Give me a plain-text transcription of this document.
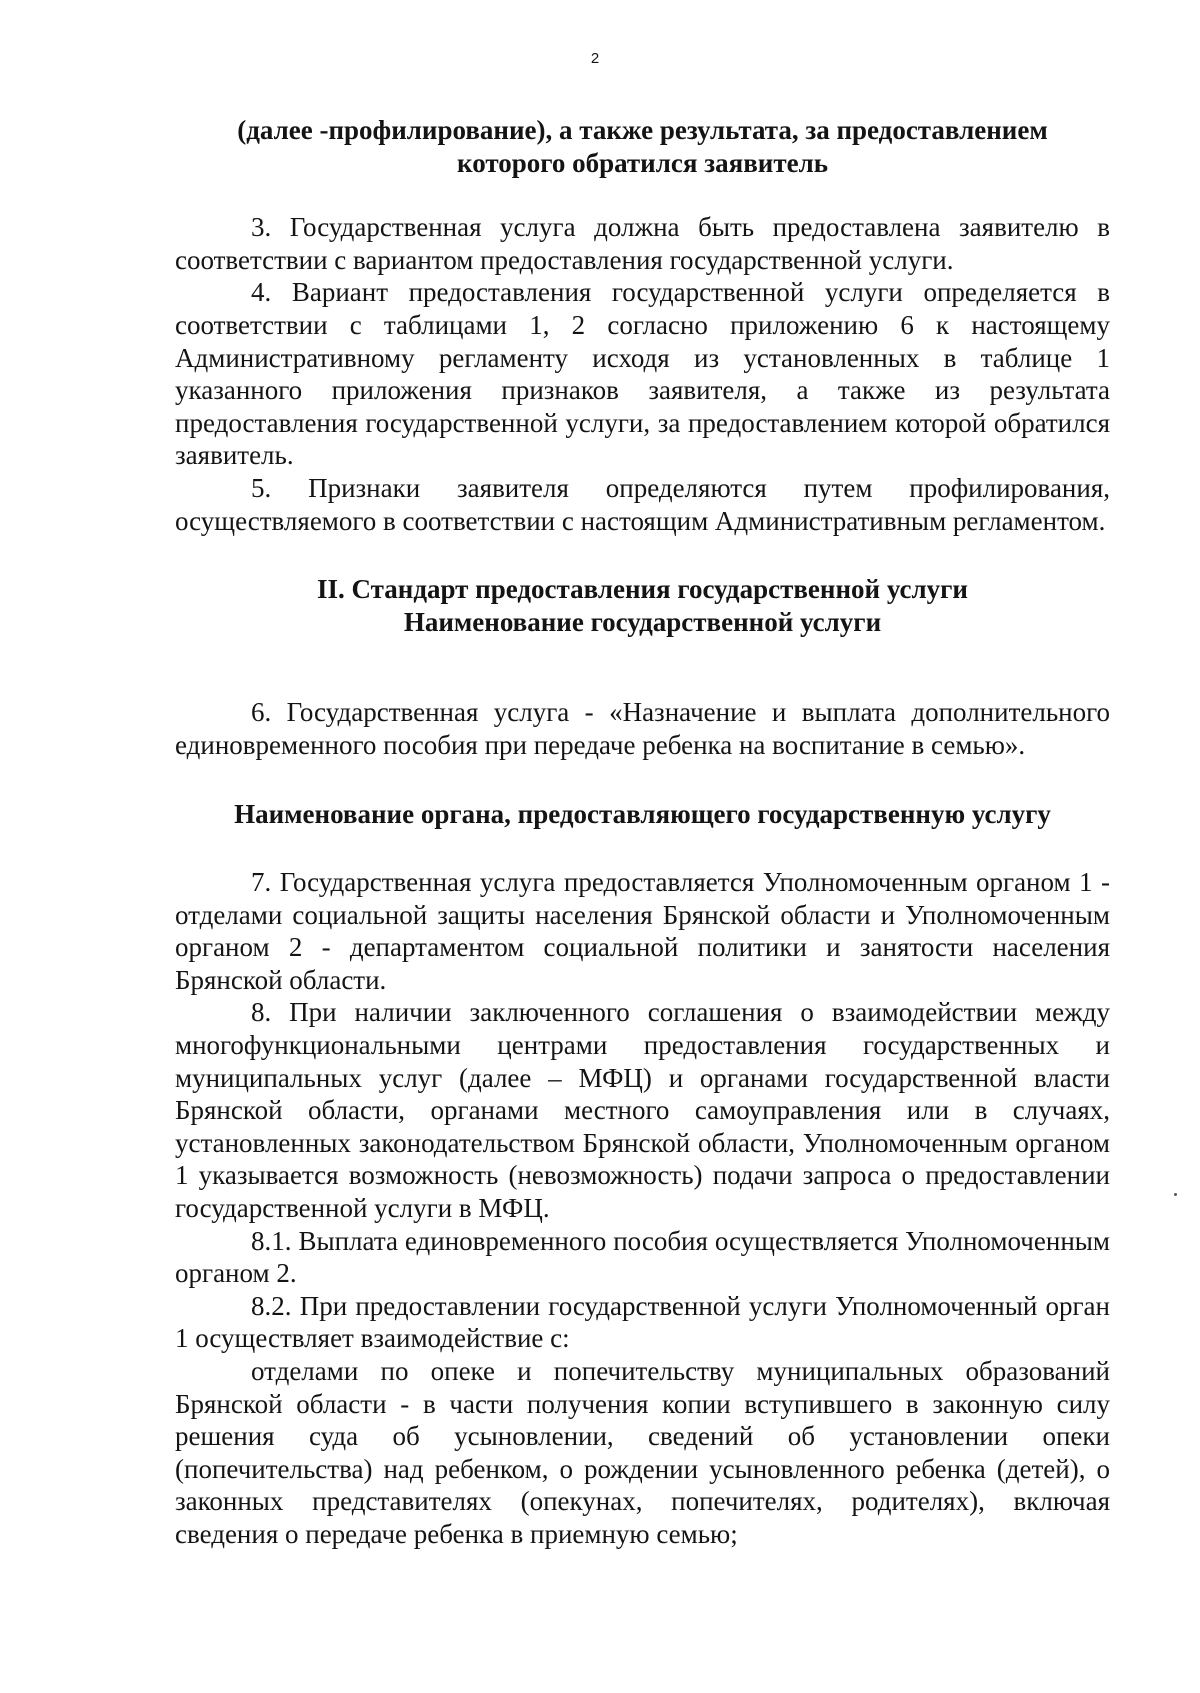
2

(далее -профилирование), а также результата, за предоставлением
которого обратился заявитель

3. Государственная услуга должна быть предоставлена заявителю в соответствии с вариантом предоставления государственной услуги.

4. Вариант предоставления государственной услуги определяется в соответствии с таблицами 1, 2 согласно приложению 6 к настоящему Административному регламенту исходя из установленных в таблице 1 указанного приложения признаков заявителя, а также из результата предоставления государственной услуги, за предоставлением которой обратился заявитель.

5. Признаки заявителя определяются путем профилирования, осуществляемого в соответствии с настоящим Административным регламентом.

II. Стандарт предоставления государственной услуги
Наименование государственной услуги

6. Государственная услуга - «Назначение и выплата дополнительного единовременного пособия при передаче ребенка на воспитание в семью».

Наименование органа, предоставляющего государственную услугу

7. Государственная услуга предоставляется Уполномоченным органом 1 - отделами социальной защиты населения Брянской области и Уполномоченным органом 2 - департаментом социальной политики и занятости населения Брянской области.

8. При наличии заключенного соглашения о взаимодействии между многофункциональными центрами предоставления государственных и муниципальных услуг (далее – МФЦ) и органами государственной власти Брянской области, органами местного самоуправления или в случаях, установленных законодательством Брянской области, Уполномоченным органом 1 указывается возможность (невозможность) подачи запроса о предоставлении государственной услуги в МФЦ.

8.1. Выплата единовременного пособия осуществляется Уполномоченным органом 2.

8.2. При предоставлении государственной услуги Уполномоченный орган 1 осуществляет взаимодействие с:

отделами по опеке и попечительству муниципальных образований Брянской области - в части получения копии вступившего в законную силу решения суда об усыновлении, сведений об установлении опеки (попечительства) над ребенком, о рождении усыновленного ребенка (детей), о законных представителях (опекунах, попечителях, родителях), включая сведения о передаче ребенка в приемную семью;
